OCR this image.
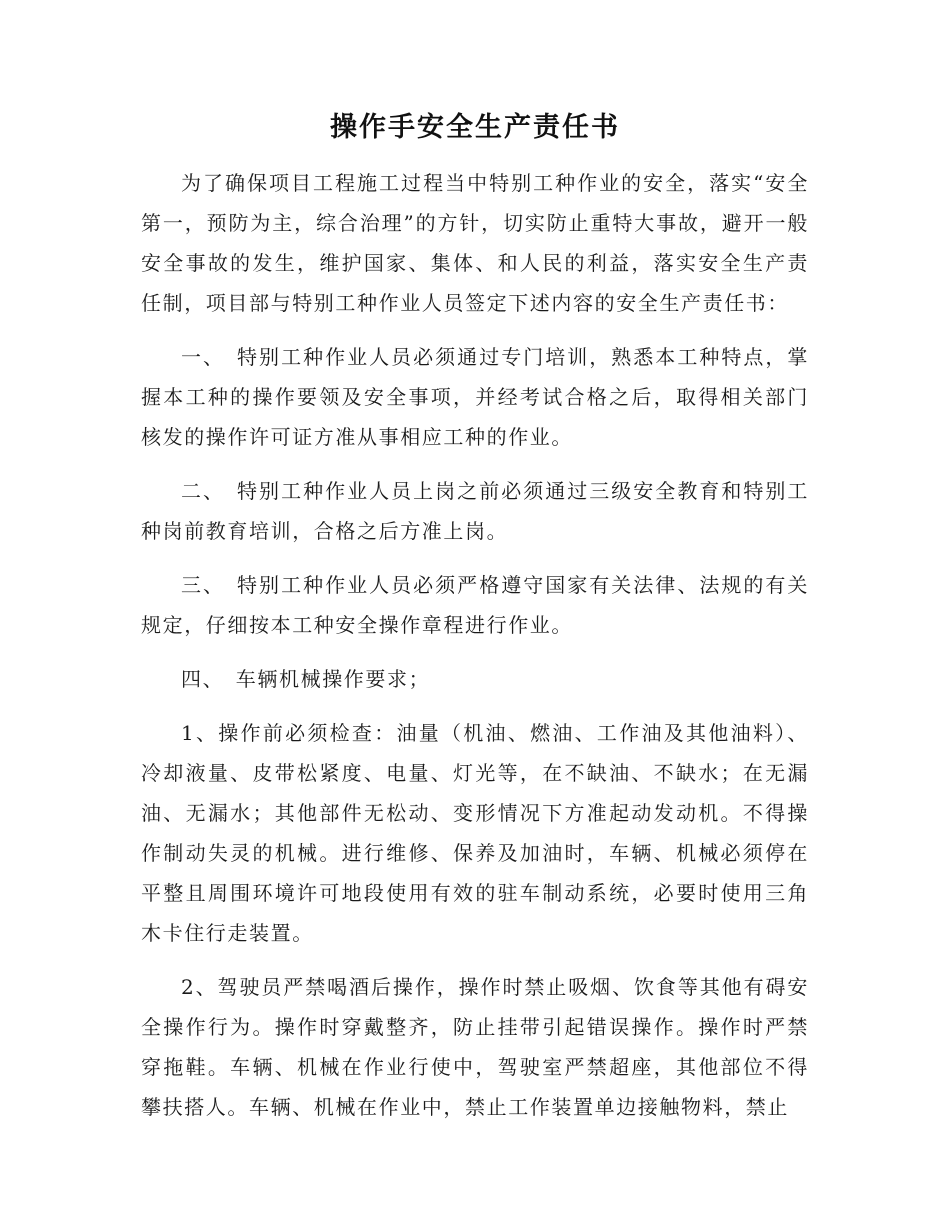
操作手安全生产责任书

为了确保项目工程施工过程当中特别工种作业的安全，落实“安全第一，预防为主，综合治理”的方针，切实防止重特大事故，避开一般安全事故的发生，维护国家、集体、和人民的利益，落实安全生产责任制，项目部与特别工种作业人员签定下述内容的安全生产责任书：

一、　特别工种作业人员必须通过专门培训，熟悉本工种特点，掌握本工种的操作要领及安全事项，并经考试合格之后，取得相关部门核发的操作许可证方准从事相应工种的作业。

二、　特别工种作业人员上岗之前必须通过三级安全教育和特别工种岗前教育培训，合格之后方准上岗。

三、　特别工种作业人员必须严格遵守国家有关法律、法规的有关规定，仔细按本工种安全操作章程进行作业。

四、　车辆机械操作要求；

1、操作前必须检查：油量（机油、燃油、工作油及其他油料）、冷却液量、皮带松紧度、电量、灯光等，在不缺油、不缺水；在无漏油、无漏水；其他部件无松动、变形情况下方准起动发动机。不得操作制动失灵的机械。进行维修、保养及加油时，车辆、机械必须停在平整且周围环境许可地段使用有效的驻车制动系统，必要时使用三角木卡住行走装置。

2、驾驶员严禁喝酒后操作，操作时禁止吸烟、饮食等其他有碍安全操作行为。操作时穿戴整齐，防止挂带引起错误操作。操作时严禁穿拖鞋。车辆、机械在作业行使中，驾驶室严禁超座，其他部位不得攀扶搭人。车辆、机械在作业中，禁止工作装置单边接触物料，禁止
